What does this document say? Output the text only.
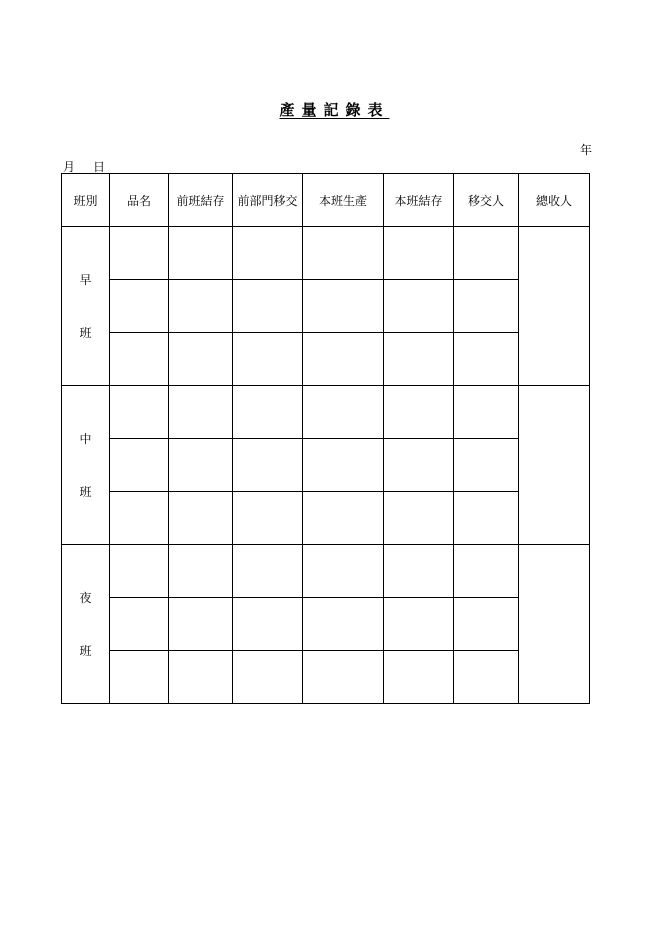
產量記錄表
年
月 日
班別	品名	前班結存	前部門移交	本班生產	本班結存	移交人	總收人

早
班							

中
班							

夜
班							
